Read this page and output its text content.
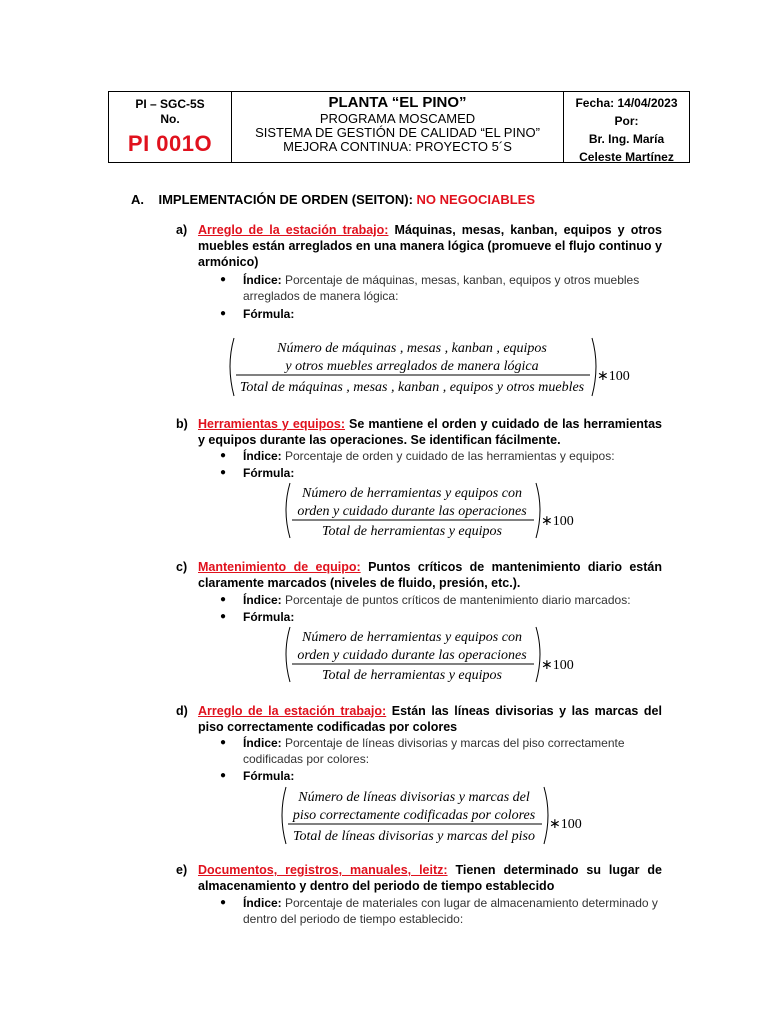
PI – SGC-5S
No.
PI 001O
PLANTA “EL PINO”
PROGRAMA MOSCAMED
SISTEMA DE GESTIÓN DE CALIDAD “EL PINO”
MEJORA CONTINUA: PROYECTO 5´S
Fecha: 14/04/2023
Por:
Br. Ing. María
Celeste Martínez
A. IMPLEMENTACIÓN DE ORDEN (SEITON): NO NEGOCIABLES
a) Arreglo de la estación trabajo: Máquinas, mesas, kanban, equipos y otros muebles están arreglados en una manera lógica (promueve el flujo continuo y armónico)
● Índice: Porcentaje de máquinas, mesas, kanban, equipos y otros muebles arreglados de manera lógica:
● Fórmula:
Número de máquinas , mesas , kanban , equipos
y otros muebles arreglados de manera lógica
Total de máquinas , mesas , kanban , equipos y otros muebles
∗100
b) Herramientas y equipos: Se mantiene el orden y cuidado de las herramientas y equipos durante las operaciones. Se identifican fácilmente.
● Índice: Porcentaje de orden y cuidado de las herramientas y equipos:
● Fórmula:
Número de herramientas y equipos con
orden y cuidado durante las operaciones
Total de herramientas y equipos
∗100
c) Mantenimiento de equipo: Puntos críticos de mantenimiento diario están claramente marcados (niveles de fluido, presión, etc.).
● Índice: Porcentaje de puntos críticos de mantenimiento diario marcados:
● Fórmula:
Número de herramientas y equipos con
orden y cuidado durante las operaciones
Total de herramientas y equipos
∗100
d) Arreglo de la estación trabajo: Están las líneas divisorias y las marcas del piso correctamente codificadas por colores
● Índice: Porcentaje de líneas divisorias y marcas del piso correctamente codificadas por colores:
● Fórmula:
Número de líneas divisorias y marcas del
piso correctamente codificadas por colores
Total de líneas divisorias y marcas del piso
∗100
e) Documentos, registros, manuales, leitz: Tienen determinado su lugar de almacenamiento y dentro del periodo de tiempo establecido
● Índice: Porcentaje de materiales con lugar de almacenamiento determinado y dentro del periodo de tiempo establecido:
